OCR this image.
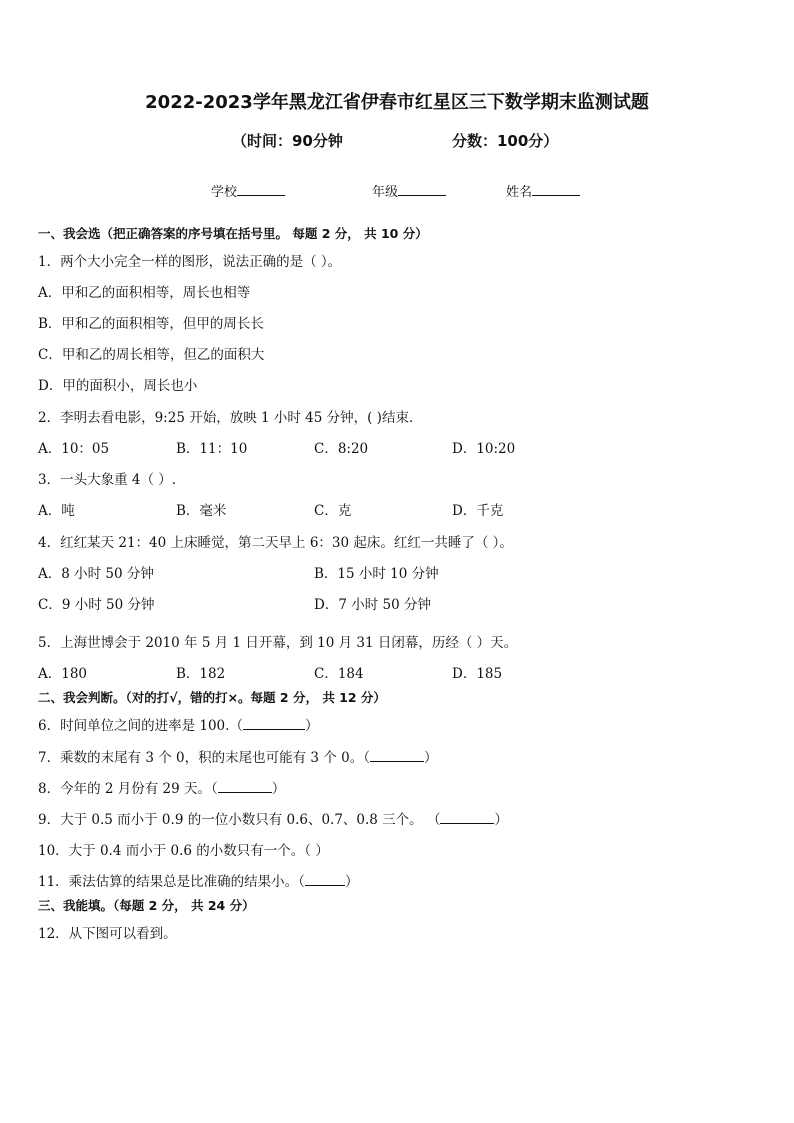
2022-2023学年黑龙江省伊春市红星区三下数学期末监测试题
（时间：90分钟	分数：100分）
学校	年级	姓名
一、我会选（把正确答案的序号填在括号里。 每题 2 分， 共 10 分）
1．两个大小完全一样的图形，说法正确的是（ ）。
A．甲和乙的面积相等，周长也相等
B．甲和乙的面积相等，但甲的周长长
C．甲和乙的周长相等，但乙的面积大
D．甲的面积小，周长也小
2．李明去看电影，9:25 开始，放映 1 小时 45 分钟，( )结束．
A．10：05	B．11：10	C．8:20	D．10:20
3．一头大象重 4（ ）.
A．吨	B．毫米	C．克	D．千克
4．红红某天 21：40 上床睡觉，第二天早上 6：30 起床。红红一共睡了（ ）。
A．8 小时 50 分钟	B．15 小时 10 分钟
C．9 小时 50 分钟	D．7 小时 50 分钟
5．上海世博会于 2010 年 5 月 1 日开幕，到 10 月 31 日闭幕，历经（ ）天。
A．180	B．182	C．184	D．185
二、我会判断。（对的打√，错的打×。每题 2 分， 共 12 分）
6．时间单位之间的进率是 100.（	）
7．乘数的末尾有 3 个 0，积的末尾也可能有 3 个 0。（	）
8．今年的 2 月份有 29 天。（	）
9．大于 0.5 而小于 0.9 的一位小数只有 0.6、0.7、0.8 三个。 （	）
10．大于 0.4 而小于 0.6 的小数只有一个。（ ）
11．乘法估算的结果总是比准确的结果小。（	）
三、我能填。（每题 2 分， 共 24 分）
12．从下图可以看到。
